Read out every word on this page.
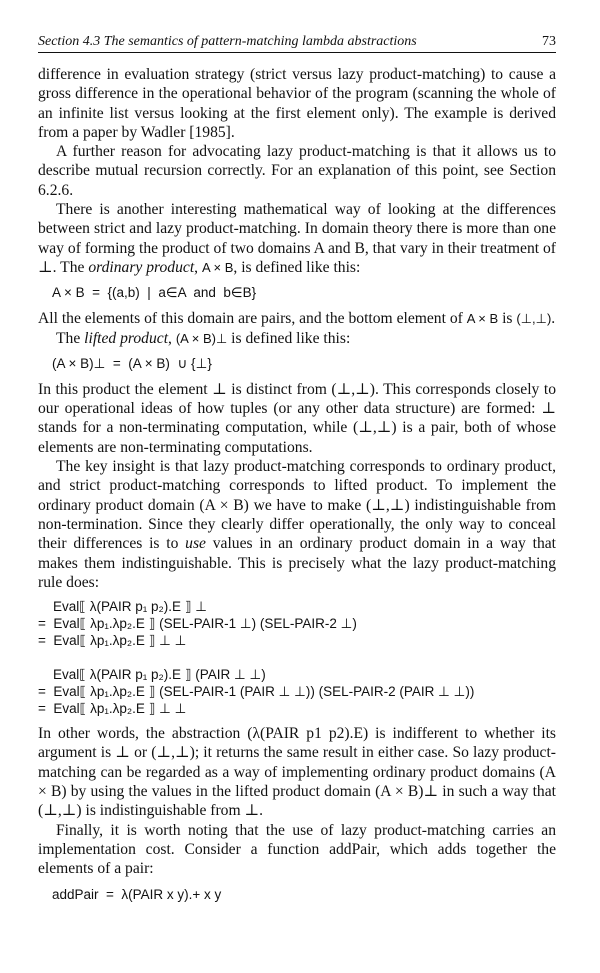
Section 4.3 The semantics of pattern-matching lambda abstractions	73

difference in evaluation strategy (strict versus lazy product-matching) to cause a gross difference in the operational behavior of the program (scanning the whole of an infinite list versus looking at the first element only). The example is derived from a paper by Wadler [1985].

A further reason for advocating lazy product-matching is that it allows us to describe mutual recursion correctly. For an explanation of this point, see Section 6.2.6.

There is another interesting mathematical way of looking at the differences between strict and lazy product-matching. In domain theory there is more than one way of forming the product of two domains A and B, that vary in their treatment of ⊥. The ordinary product, A × B, is defined like this:

A × B  =  {(a,b)  |  a∈A  and  b∈B}

All the elements of this domain are pairs, and the bottom element of A × B is (⊥,⊥).

The lifted product, (A × B)⊥ is defined like this:

(A × B)⊥  =  (A × B)  ∪ {⊥}

In this product the element ⊥ is distinct from (⊥,⊥). This corresponds closely to our operational ideas of how tuples (or any other data structure) are formed: ⊥ stands for a non-terminating computation, while (⊥,⊥) is a pair, both of whose elements are non-terminating computations.

The key insight is that lazy product-matching corresponds to ordinary product, and strict product-matching corresponds to lifted product. To implement the ordinary product domain (A × B) we have to make (⊥,⊥) indistinguishable from non-termination. Since they clearly differ operationally, the only way to conceal their differences is to use values in an ordinary product domain in a way that makes them indistinguishable. This is precisely what the lazy product-matching rule does:

Eval⟦ λ(PAIR p₁ p₂).E ⟧ ⊥
=  Eval⟦ λp₁.λp₂.E ⟧ (SEL-PAIR-1 ⊥) (SEL-PAIR-2 ⊥)
=  Eval⟦ λp₁.λp₂.E ⟧ ⊥ ⊥
Eval⟦ λ(PAIR p₁ p₂).E ⟧ (PAIR ⊥ ⊥)
=  Eval⟦ λp₁.λp₂.E ⟧ (SEL-PAIR-1 (PAIR ⊥ ⊥)) (SEL-PAIR-2 (PAIR ⊥ ⊥))
=  Eval⟦ λp₁.λp₂.E ⟧ ⊥ ⊥

In other words, the abstraction (λ(PAIR p1 p2).E) is indifferent to whether its argument is ⊥ or (⊥,⊥); it returns the same result in either case. So lazy product-matching can be regarded as a way of implementing ordinary product domains (A × B) by using the values in the lifted product domain (A × B)⊥ in such a way that (⊥,⊥) is indistinguishable from ⊥.

Finally, it is worth noting that the use of lazy product-matching carries an implementation cost. Consider a function addPair, which adds together the elements of a pair:

addPair  =  λ(PAIR x y).+ x y
